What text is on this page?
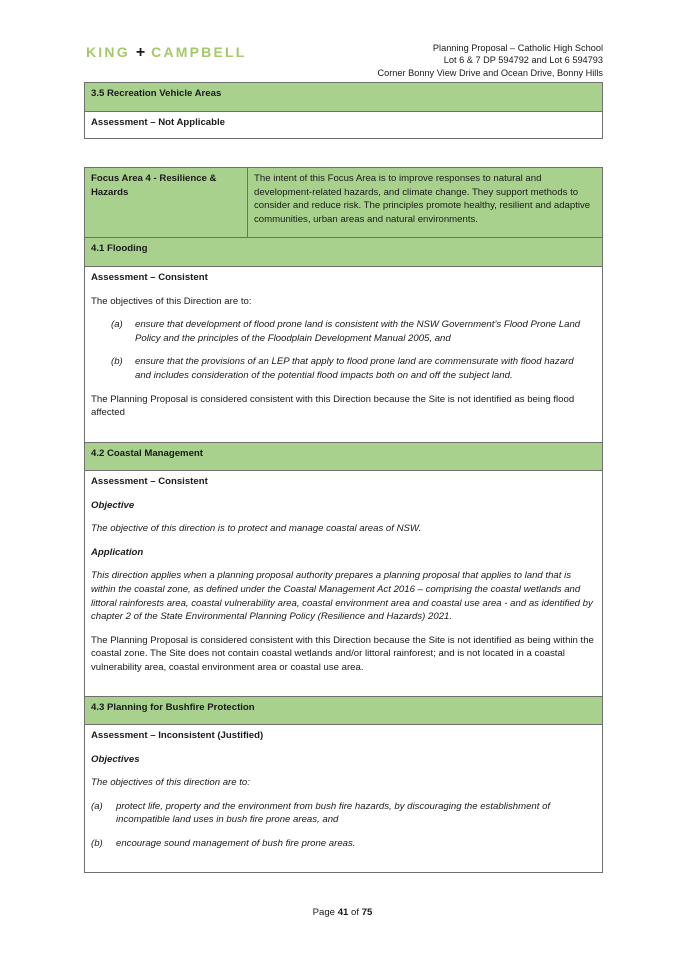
KING + CAMPBELL	Planning Proposal – Catholic High School
Lot 6 & 7 DP 594792 and Lot 6 594793
Corner Bonny View Drive and Ocean Drive, Bonny Hills
3.5 Recreation Vehicle Areas
Assessment – Not Applicable
Focus Area 4 - Resilience & Hazards
The intent of this Focus Area is to improve responses to natural and development-related hazards, and climate change. They support methods to consider and reduce risk. The principles promote healthy, resilient and adaptive communities, urban areas and natural environments.
4.1 Flooding

Assessment – Consistent

The objectives of this Direction are to:

(a)	ensure that development of flood prone land is consistent with the NSW Government’s Flood Prone Land Policy and the principles of the Floodplain Development Manual 2005, and
(b)	ensure that the provisions of an LEP that apply to flood prone land are commensurate with flood hazard and includes consideration of the potential flood impacts both on and off the subject land.

The Planning Proposal is considered consistent with this Direction because the Site is not identified as being flood affected

4.2 Coastal Management

Assessment – Consistent

Objective

The objective of this direction is to protect and manage coastal areas of NSW.

Application

This direction applies when a planning proposal authority prepares a planning proposal that applies to land that is within the coastal zone, as defined under the Coastal Management Act 2016 – comprising the coastal wetlands and littoral rainforests area, coastal vulnerability area, coastal environment area and coastal use area - and as identified by chapter 2 of the State Environmental Planning Policy (Resilience and Hazards) 2021.

The Planning Proposal is considered consistent with this Direction because the Site is not identified as being within the coastal zone. The Site does not contain coastal wetlands and/or littoral rainforest; and is not located in a coastal vulnerability area, coastal environment area or coastal use area.

4.3 Planning for Bushfire Protection

Assessment – Inconsistent (Justified)

Objectives

The objectives of this direction are to:

(a)	protect life, property and the environment from bush fire hazards, by discouraging the establishment of incompatible land uses in bush fire prone areas, and
(b)	encourage sound management of bush fire prone areas.
Page 41 of 75
